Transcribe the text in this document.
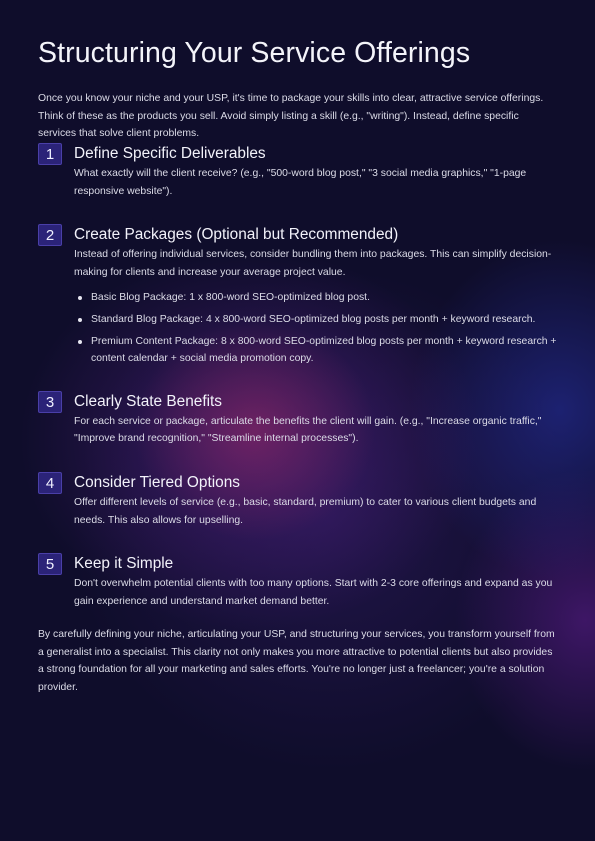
Structuring Your Service Offerings

Once you know your niche and your USP, it's time to package your skills into clear, attractive service offerings. Think of these as the products you sell. Avoid simply listing a skill (e.g., "writing"). Instead, define specific services that solve client problems.

1	Define Specific Deliverables

What exactly will the client receive? (e.g., "500-word blog post," "3 social media graphics," "1-page responsive website").

2	Create Packages (Optional but Recommended)

Instead of offering individual services, consider bundling them into packages. This can simplify decision-making for clients and increase your average project value.

Basic Blog Package: 1 x 800-word SEO-optimized blog post.
Standard Blog Package: 4 x 800-word SEO-optimized blog posts per month + keyword research.
Premium Content Package: 8 x 800-word SEO-optimized blog posts per month + keyword research + content calendar + social media promotion copy.
3	Clearly State Benefits

For each service or package, articulate the benefits the client will gain. (e.g., "Increase organic traffic," "Improve brand recognition," "Streamline internal processes").

4	Consider Tiered Options

Offer different levels of service (e.g., basic, standard, premium) to cater to various client budgets and needs. This also allows for upselling.

5	Keep it Simple

Don't overwhelm potential clients with too many options. Start with 2-3 core offerings and expand as you gain experience and understand market demand better.

By carefully defining your niche, articulating your USP, and structuring your services, you transform yourself from a generalist into a specialist. This clarity not only makes you more attractive to potential clients but also provides a strong foundation for all your marketing and sales efforts. You're no longer just a freelancer; you're a solution provider.
